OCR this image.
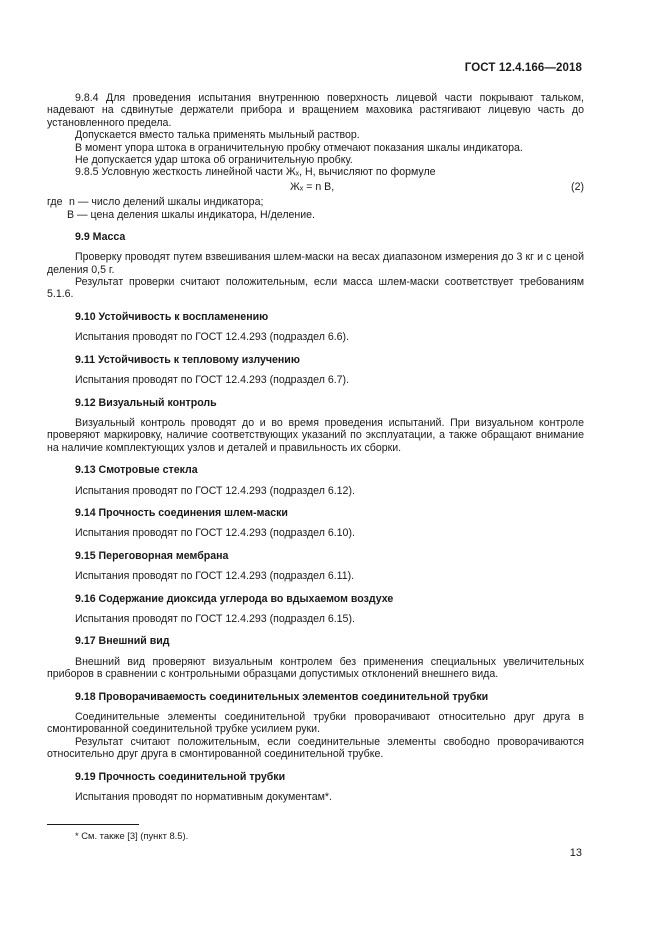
ГОСТ 12.4.166—2018

9.8.4 Для проведения испытания внутреннюю поверхность лицевой части покрывают тальком, надевают на сдвинутые держатели прибора и вращением маховика растягивают лицевую часть до установленного предела.

Допускается вместо талька применять мыльный раствор.

В момент упора штока в ограничительную пробку отмечают показания шкалы индикатора.

Не допускается удар штока об ограничительную пробку.

9.8.5 Условную жесткость линейной части Жₓ, Н, вычисляют по формуле

Жₓ = n B,	(2)
где n — число делений шкалы индикатора;
B — цена деления шкалы индикатора, Н/деление.

9.9 Масса

Проверку проводят путем взвешивания шлем-маски на весах диапазоном измерения до 3 кг и с ценой деления 0,5 г.

Результат проверки считают положительным, если масса шлем-маски соответствует требованиям 5.1.6.

9.10 Устойчивость к воспламенению

Испытания проводят по ГОСТ 12.4.293 (подраздел 6.6).

9.11 Устойчивость к тепловому излучению

Испытания проводят по ГОСТ 12.4.293 (подраздел 6.7).

9.12 Визуальный контроль

Визуальный контроль проводят до и во время проведения испытаний. При визуальном контроле проверяют маркировку, наличие соответствующих указаний по эксплуатации, а также обращают внимание на наличие комплектующих узлов и деталей и правильность их сборки.

9.13 Смотровые стекла

Испытания проводят по ГОСТ 12.4.293 (подраздел 6.12).

9.14 Прочность соединения шлем-маски

Испытания проводят по ГОСТ 12.4.293 (подраздел 6.10).

9.15 Переговорная мембрана

Испытания проводят по ГОСТ 12.4.293 (подраздел 6.11).

9.16 Содержание диоксида углерода во вдыхаемом воздухе

Испытания проводят по ГОСТ 12.4.293 (подраздел 6.15).

9.17 Внешний вид

Внешний вид проверяют визуальным контролем без применения специальных увеличительных приборов в сравнении с контрольными образцами допустимых отклонений внешнего вида.

9.18 Проворачиваемость соединительных элементов соединительной трубки

Соединительные элементы соединительной трубки проворачивают относительно друг друга в смонтированной соединительной трубке усилием руки.

Результат считают положительным, если соединительные элементы свободно проворачиваются относительно друг друга в смонтированной соединительной трубке.

9.19 Прочность соединительной трубки

Испытания проводят по нормативным документам*.

* См. также [3] (пункт 8.5).
13
